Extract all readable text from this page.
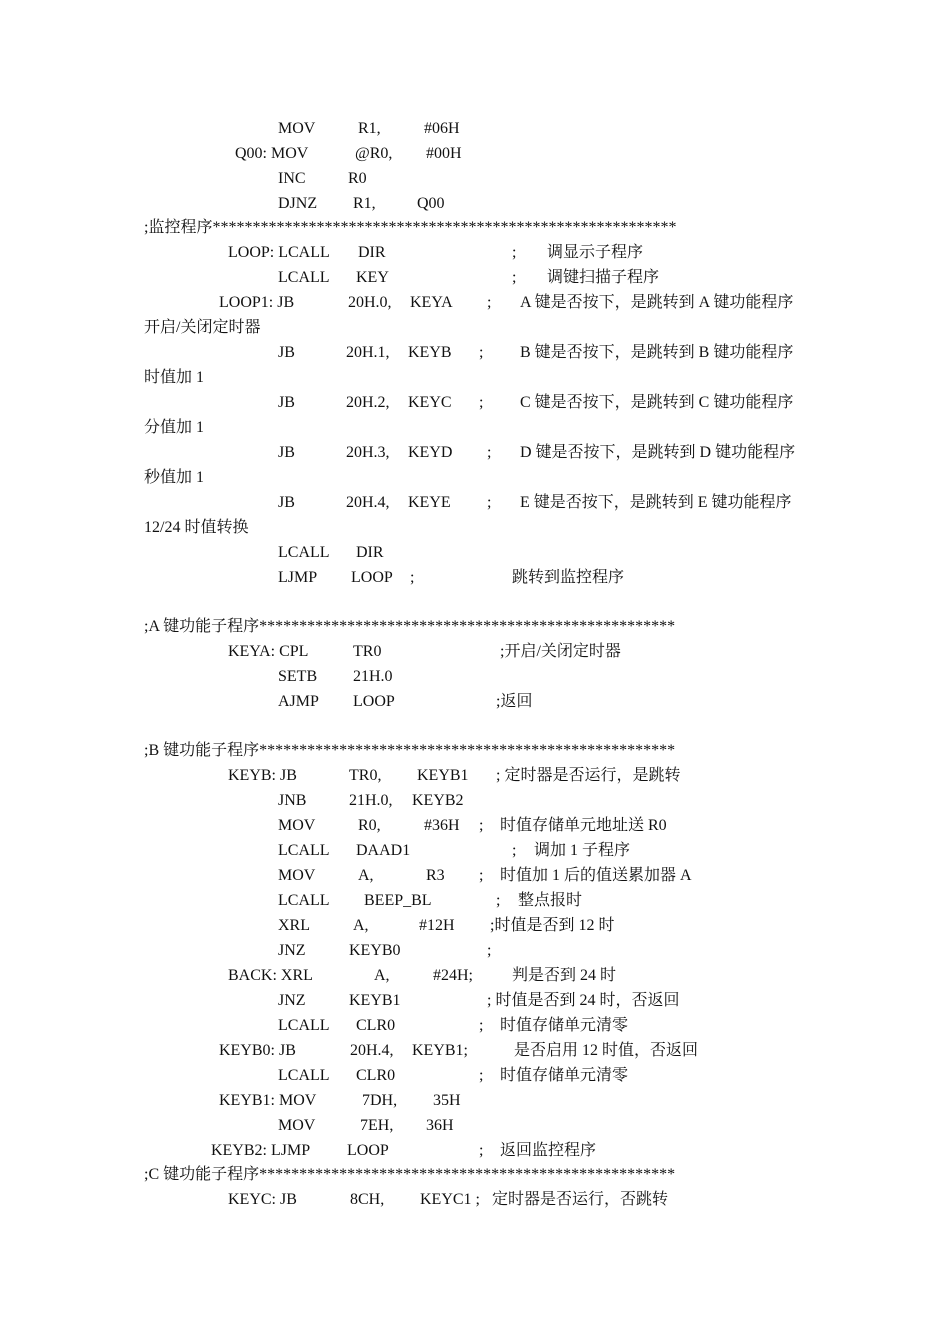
MOV	R1,	#06H
Q00: MOV	@R0, #00H
INC	R0
DJNZ R1,	Q00
;监控程序**********************************************************
LOOP: LCALL DIR	; 调显示子程序
LCALL KEY	; 调键扫描子程序
LOOP1: JB	20H.0, KEYA ; A 键是否按下，是跳转到 A 键功能程序
开启/关闭定时器
JB	20H.1, KEYB ; B 键是否按下，是跳转到 B 键功能程序
时值加 1
JB	20H.2, KEYC ; C 键是否按下，是跳转到 C 键功能程序
分值加 1
JB	20H.3, KEYD ; D 键是否按下，是跳转到 D 键功能程序
秒值加 1
JB	20H.4, KEYE ; E 键是否按下，是跳转到 E 键功能程序
12/24 时值转换
LCALL DIR
LJMP LOOP ;	跳转到监控程序
;A 键功能子程序****************************************************
KEYA: CPL	TR0	;开启/关闭定时器
SETB 21H.0
AJMP LOOP	;返回
;B 键功能子程序****************************************************
KEYB: JB	TR0, KEYB1 ; 定时器是否运行，是跳转
JNB	21H.0, KEYB2
MOV	R0,	#36H ; 时值存储单元地址送 R0
LCALL DAAD1	; 调加 1 子程序
MOV	A,	R3 ; 时值加 1 后的值送累加器 A
LCALL BEEP_BL	; 整点报时
XRL	A,	#12H ;时值是否到 12 时
JNZ	KEYB0	;
BACK: XRL	A,	#24H; 判是否到 24 时
JNZ	KEYB1	; 时值是否到 24 时，否返回
LCALL CLR0	; 时值存储单元清零
KEYB0: JB	20H.4, KEYB1;	是否启用 12 时值，否返回
LCALL CLR0	; 时值存储单元清零
KEYB1: MOV	7DH, 35H
MOV	7EH, 36H
KEYB2: LJMP LOOP	; 返回监控程序
;C 键功能子程序****************************************************
KEYC: JB	8CH, KEYC1 ; 定时器是否运行，否跳转
